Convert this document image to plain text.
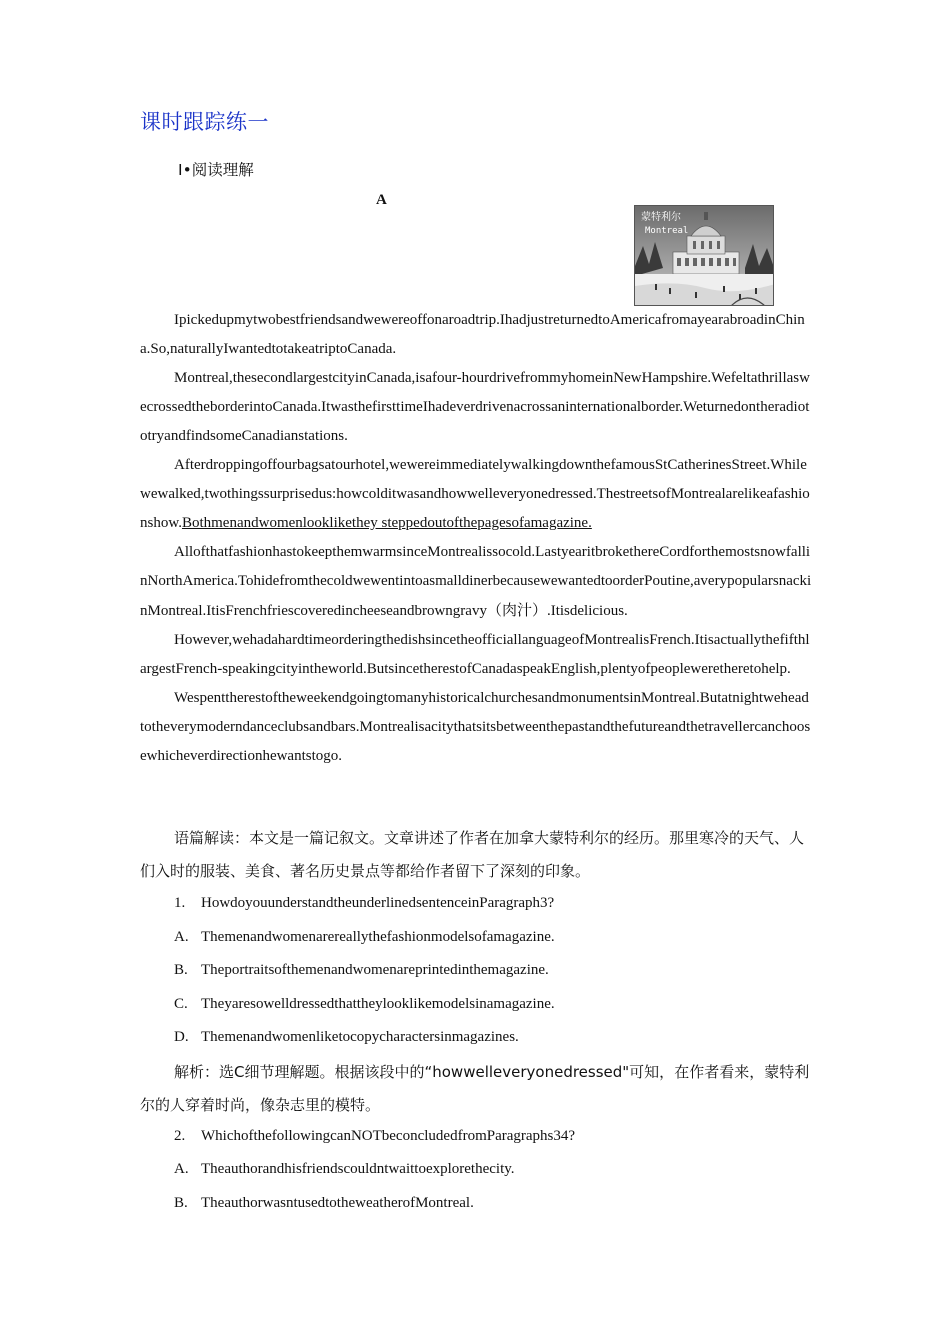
课时跟踪练一
Ⅰ•阅读理解
A
蒙特利尔
Montreal

Ipickedupmytwobestfriendsandwewereoffonaroadtrip.IhadjustreturnedtoAmericafromayearabroadinChina.So,naturallyIwantedtotakeatriptoCanada.

Montreal,thesecondlargestcityinCanada,isafour-hourdrivefrommyhomeinNewHampshire.WefeltathrillaswecrossedtheborderintoCanada.ItwasthefirsttimeIhadeverdrivenacrossaninternationalborder.WeturnedontheradiototryandfindsomeCanadianstations.

Afterdroppingoffourbagsatourhotel,wewereimmediatelywalkingdownthefamousStCatherinesStreet.Whilewewalked,twothingssurprisedus:howcolditwasandhowwelleveryonedressed.ThestreetsofMontrealarelikeafashionshow.Bothmenandwomenlooklikethey steppedoutofthepagesofamagazine.

AllofthatfashionhastokeepthemwarmsinceMontrealissocold.LastyearitbrokethereCordforthemostsnowfallinNorthAmerica.TohidefromthecoldwewentintoasmalldinerbecausewewantedtoorderPoutine,averypopularsnackinMontreal.ItisFrenchfriescoveredincheeseandbrowngravy（肉汁）.Itisdelicious.

However,wehadahardtimeorderingthedishsincetheofficiallanguageofMontrealisFrench.ItisactuallythefifthlargestFrench-speakingcityintheworld.ButsincetherestofCanadaspeakEnglish,plentyofpeopleweretheretohelp.

WespenttherestoftheweekendgoingtomanyhistoricalchurchesandmonumentsinMontreal.Butatnightweheadtotheverymoderndanceclubsandbars.Montrealisacitythatsitsbetweenthepastandthefutureandthetravellercanchoosewhicheverdirectionhewantstogo.

语篇解读：本文是一篇记叙文。文章讲述了作者在加拿大蒙特利尔的经历。那里寒冷的天气、人们入时的服装、美食、著名历史景点等都给作者留下了深刻的印象。

1. HowdoyouunderstandtheunderlinedsentenceinParagraph3?
A. Themenandwomenarereallythefashionmodelsofamagazine.
B. Theportraitsofthemenandwomenareprintedinthemagazine.
C. Theyaresowelldressedthattheylooklikemodelsinamagazine.
D. Themenandwomenliketocopycharactersinmagazines.

解析：选C细节理解题。根据该段中的“howwelleveryonedressed"可知，在作者看来，蒙特利尔的人穿着时尚，像杂志里的模特。

2. WhichofthefollowingcanNOTbeconcludedfromParagraphs34?
A. Theauthorandhisfriendscouldntwaittoexplorethecity.
B. TheauthorwasntusedtotheweatherofMontreal.
